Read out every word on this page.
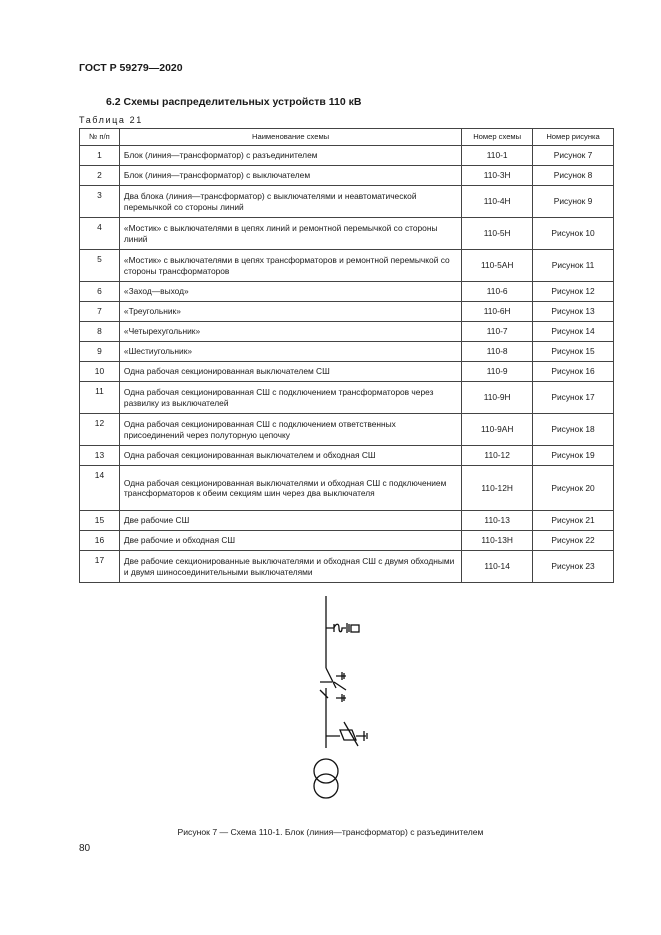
ГОСТ Р 59279—2020
6.2 Схемы распределительных устройств 110 кВ
Таблица 21
№ п/п	Наименование схемы	Номер схемы	Номер рисунка
1	Блок (линия—трансформатор) с разъединителем	110-1	Рисунок 7
2	Блок (линия—трансформатор) с выключателем	110-3Н	Рисунок 8
3	Два блока (линия—трансформатор) с выключателями и неавтоматической перемычкой со стороны линий	110-4Н	Рисунок 9
4	«Мостик» с выключателями в цепях линий и ремонтной перемычкой со стороны линий	110-5Н	Рисунок 10
5	«Мостик» с выключателями в цепях трансформаторов и ремонтной перемычкой со стороны трансформаторов	110-5АН	Рисунок 11
6	«Заход—выход»	110-6	Рисунок 12
7	«Треугольник»	110-6Н	Рисунок 13
8	«Четырехугольник»	110-7	Рисунок 14
9	«Шестиугольник»	110-8	Рисунок 15
10	Одна рабочая секционированная выключателем СШ	110-9	Рисунок 16
11	Одна рабочая секционированная СШ с подключением трансформаторов через развилку из выключателей	110-9Н	Рисунок 17
12	Одна рабочая секционированная СШ с подключением ответственных присоединений через полуторную цепочку	110-9АН	Рисунок 18
13	Одна рабочая секционированная выключателем и обходная СШ	110-12	Рисунок 19
14	Одна рабочая секционированная выключателями и обходная СШ с подключением трансформаторов к обеим секциям шин через два выключателя	110-12Н	Рисунок 20
15	Две рабочие СШ	110-13	Рисунок 21
16	Две рабочие и обходная СШ	110-13Н	Рисунок 22
17	Две рабочие секционированные выключателями и обходная СШ с двумя обходными и двумя шиносоединительными выключателями	110-14	Рисунок 23
Рисунок 7 — Схема 110-1. Блок (линия—трансформатор) с разъединителем
80
